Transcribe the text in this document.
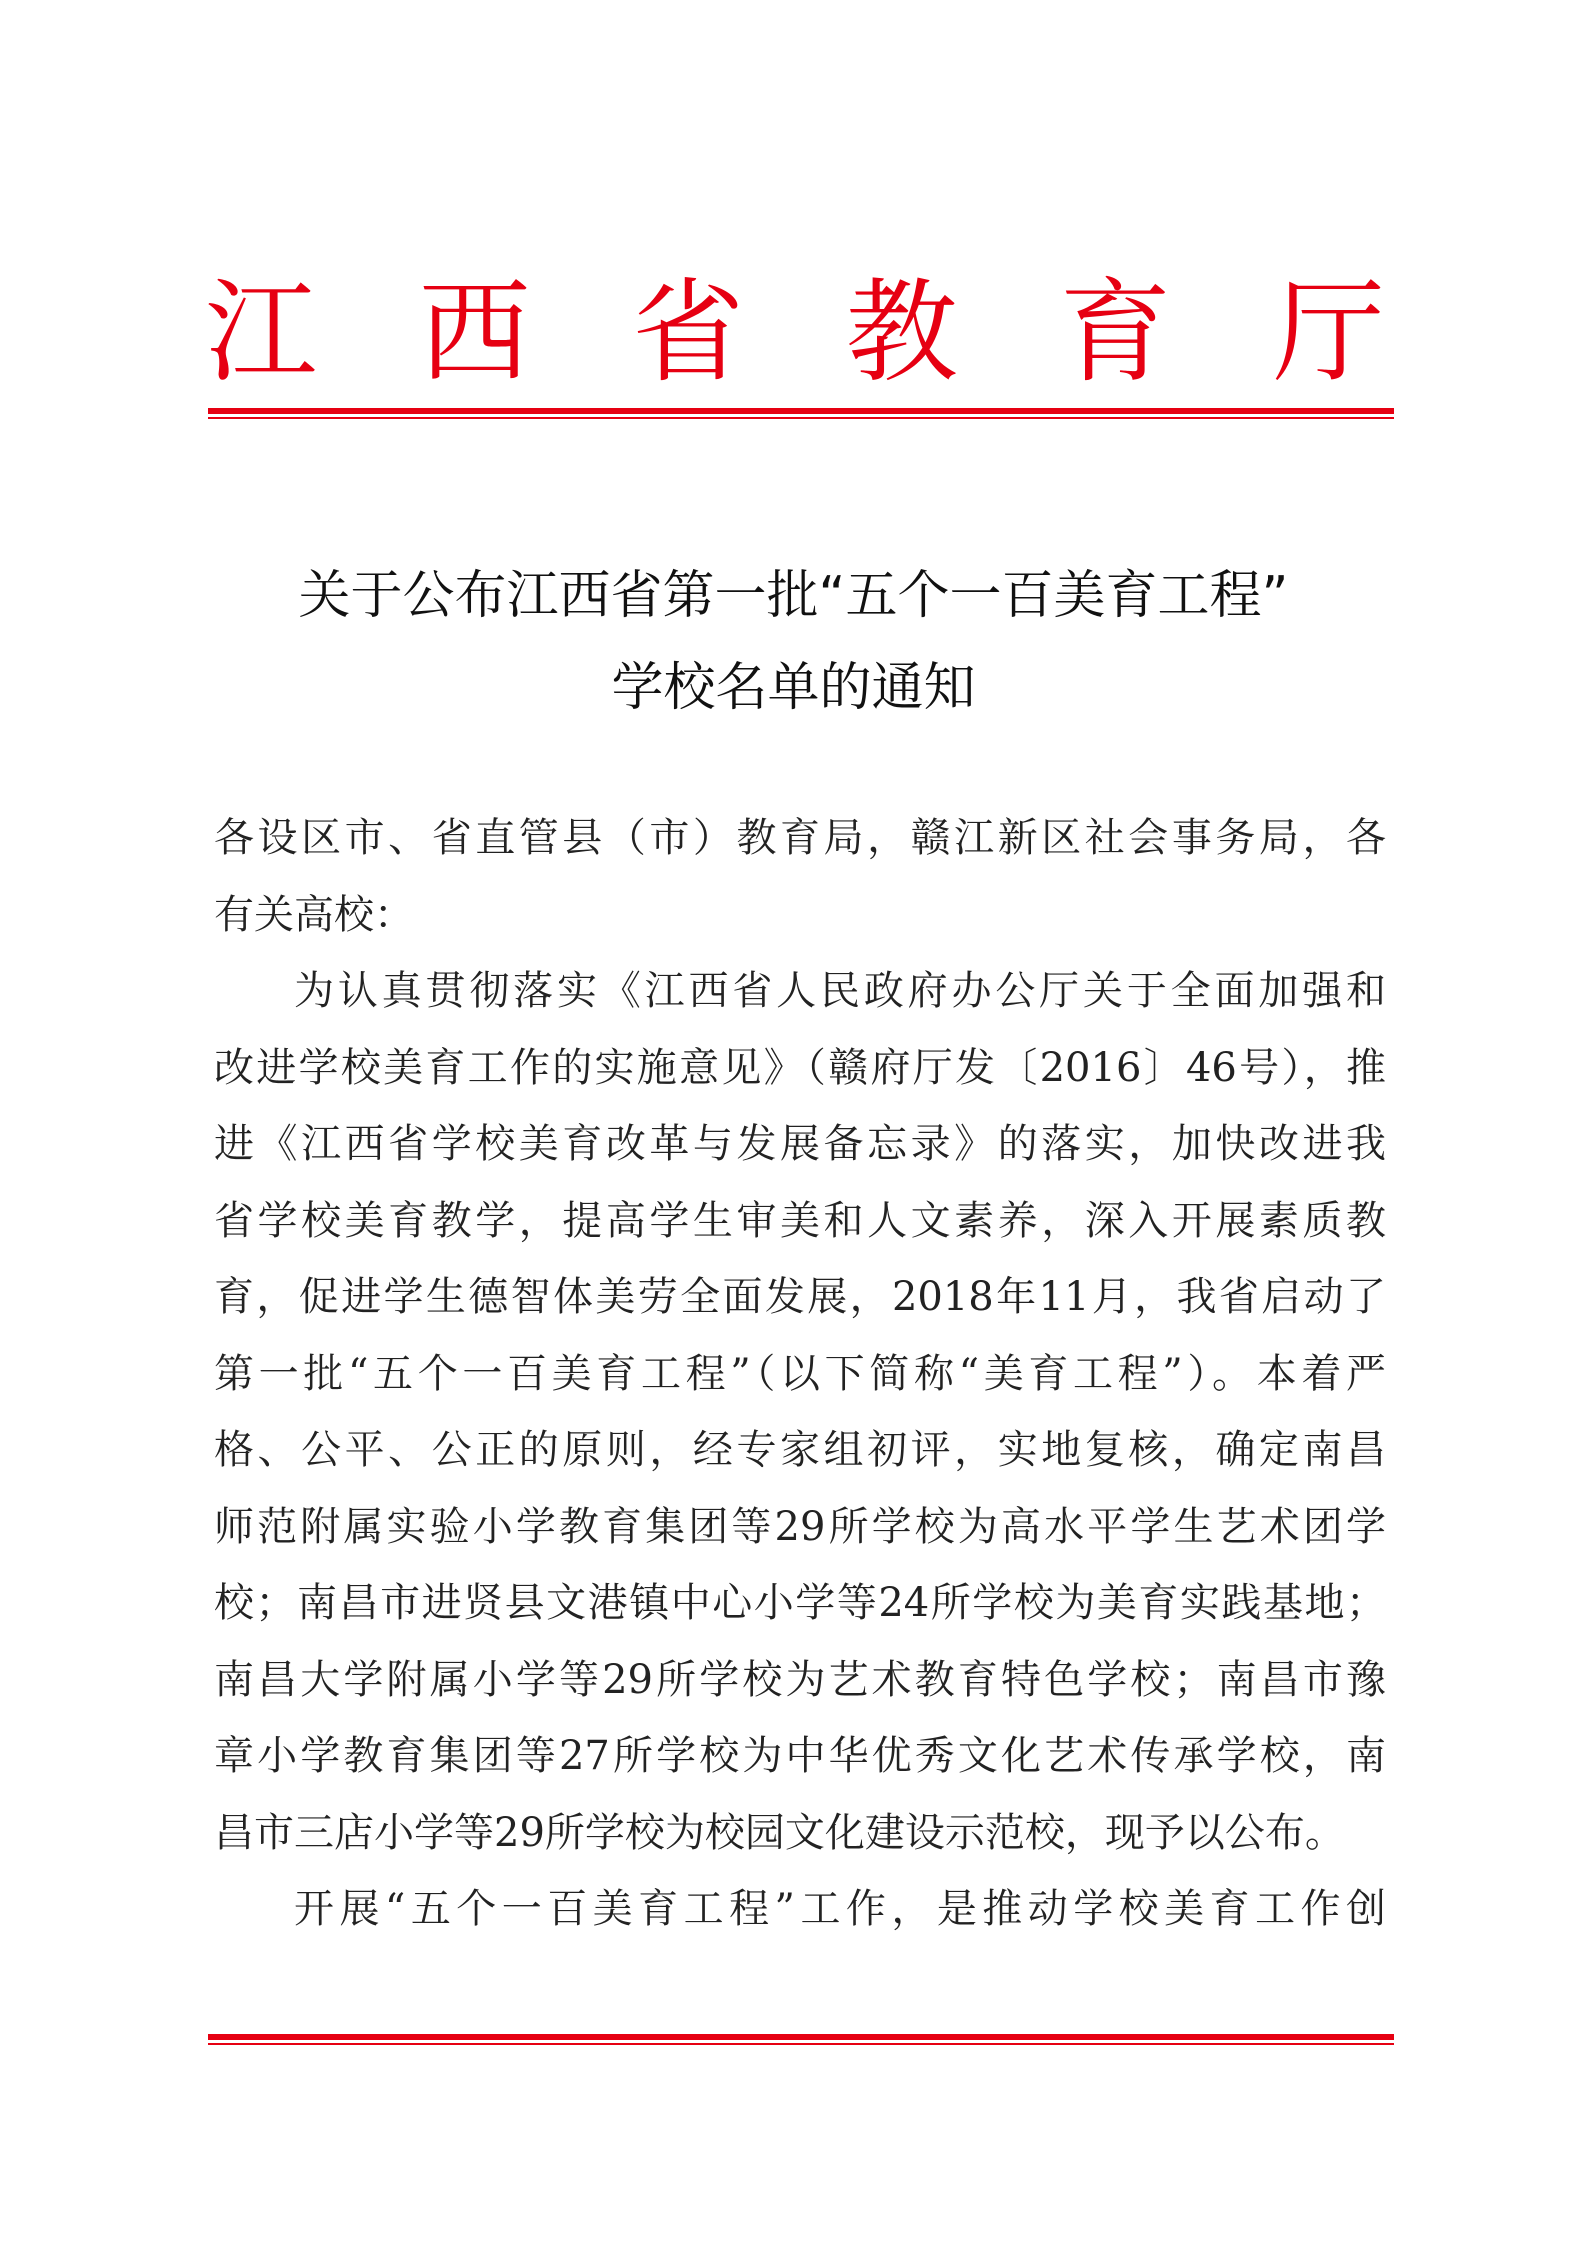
江 西 省 教 育 厅
关于公布江西省第一批“五个一百美育工程”
学校名单的通知

各设区市、省直管县（市）教育局，赣江新区社会事务局，各
有关高校：

为认真贯彻落实《江西省人民政府办公厅关于全面加强和
改进学校美育工作的实施意见》（赣府厅发〔2016〕46号），推
进《江西省学校美育改革与发展备忘录》的落实，加快改进我
省学校美育教学，提高学生审美和人文素养，深入开展素质教
育，促进学生德智体美劳全面发展，2018年11月，我省启动了
第一批“五个一百美育工程”（以下简称“美育工程”）。本着严
格、公平、公正的原则，经专家组初评，实地复核，确定南昌
师范附属实验小学教育集团等29所学校为高水平学生艺术团学
校；南昌市进贤县文港镇中心小学等24所学校为美育实践基地；
南昌大学附属小学等29所学校为艺术教育特色学校；南昌市豫
章小学教育集团等27所学校为中华优秀文化艺术传承学校，南
昌市三店小学等29所学校为校园文化建设示范校，现予以公布。

开展“五个一百美育工程”工作，是推动学校美育工作创
